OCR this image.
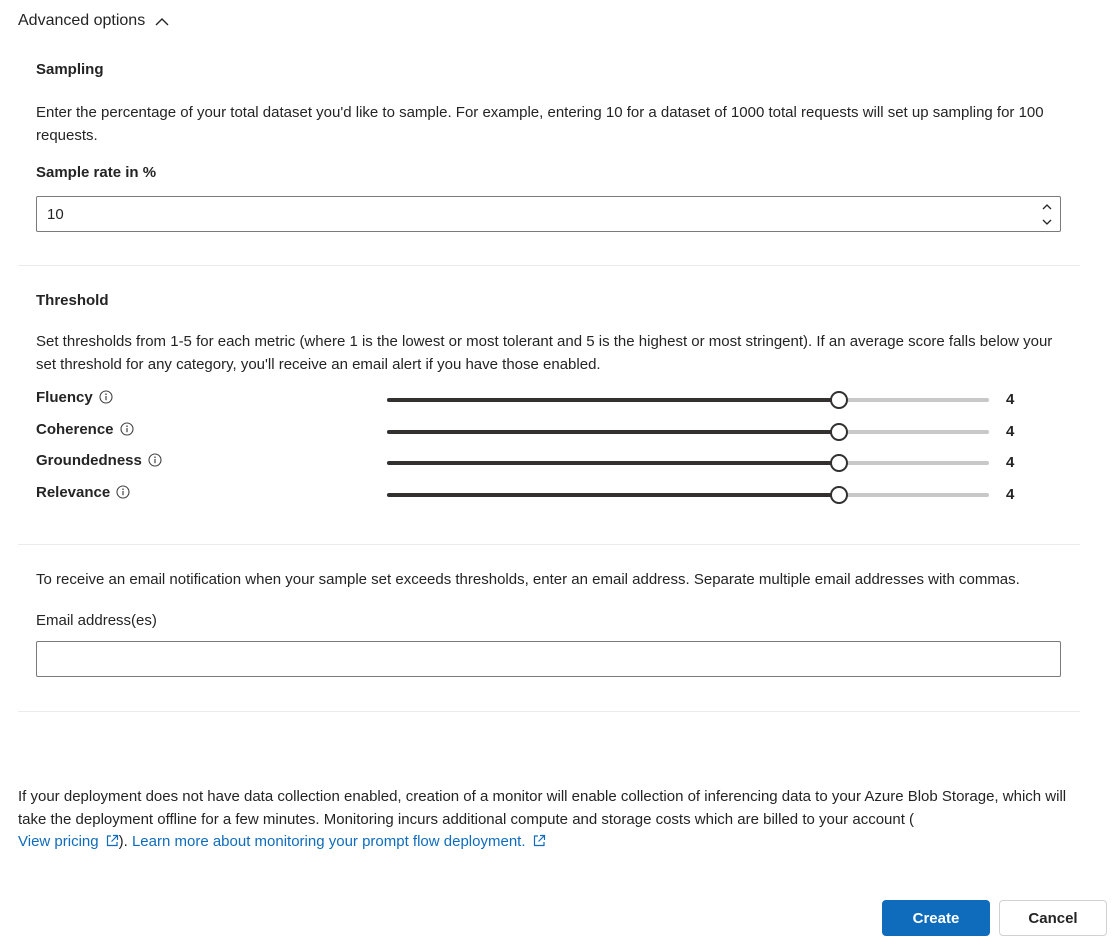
Advanced options
Sampling
Enter the percentage of your total dataset you'd like to sample. For example, entering 10 for a dataset of 1000 total requests will set up sampling for 100 requests.
Sample rate in %
10
Threshold
Set thresholds from 1-5 for each metric (where 1 is the lowest or most tolerant and 5 is the highest or most stringent). If an average score falls below your set threshold for any category, you'll receive an email alert if you have those enabled.
Fluency	4
Coherence	4
Groundedness	4
Relevance	4
To receive an email notification when your sample set exceeds thresholds, enter an email address. Separate multiple email addresses with commas.
Email address(es)
If your deployment does not have data collection enabled, creation of a monitor will enable collection of inferencing data to your Azure Blob Storage, which will take the deployment offline for a few minutes. Monitoring incurs additional compute and storage costs which are billed to your account (
View pricing ). Learn more about monitoring your prompt flow deployment.
Create	Cancel
